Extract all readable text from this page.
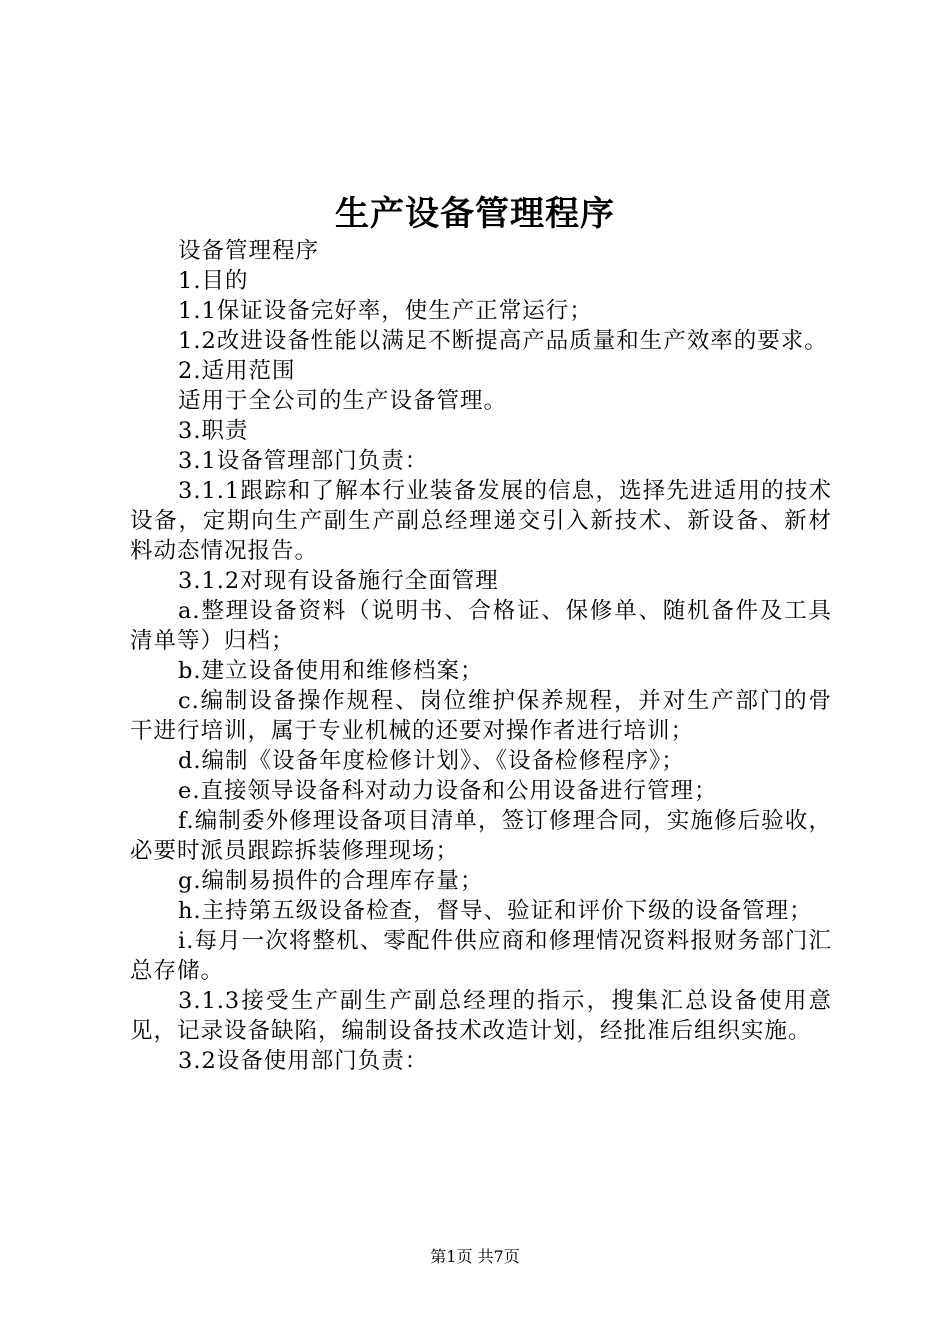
生产设备管理程序

设备管理程序

1.目的

1.1保证设备完好率，使生产正常运行；

1.2改进设备性能以满足不断提高产品质量和生产效率的要求。

2.适用范围

适用于全公司的生产设备管理。

3.职责

3.1设备管理部门负责：

3.1.1跟踪和了解本行业装备发展的信息，选择先进适用的技术设备，定期向生产副生产副总经理递交引入新技术、新设备、新材料动态情况报告。

3.1.2对现有设备施行全面管理

a.整理设备资料（说明书、合格证、保修单、随机备件及工具清单等）归档；

b.建立设备使用和维修档案；

c.编制设备操作规程、岗位维护保养规程，并对生产部门的骨干进行培训，属于专业机械的还要对操作者进行培训；

d.编制《设备年度检修计划》、《设备检修程序》；

e.直接领导设备科对动力设备和公用设备进行管理；

f.编制委外修理设备项目清单，签订修理合同，实施修后验收，必要时派员跟踪拆装修理现场；

g.编制易损件的合理库存量；

h.主持第五级设备检查，督导、验证和评价下级的设备管理；

i.每月一次将整机、零配件供应商和修理情况资料报财务部门汇总存储。

3.1.3接受生产副生产副总经理的指示，搜集汇总设备使用意见，记录设备缺陷，编制设备技术改造计划，经批准后组织实施。

3.2设备使用部门负责：

第1页 共7页
